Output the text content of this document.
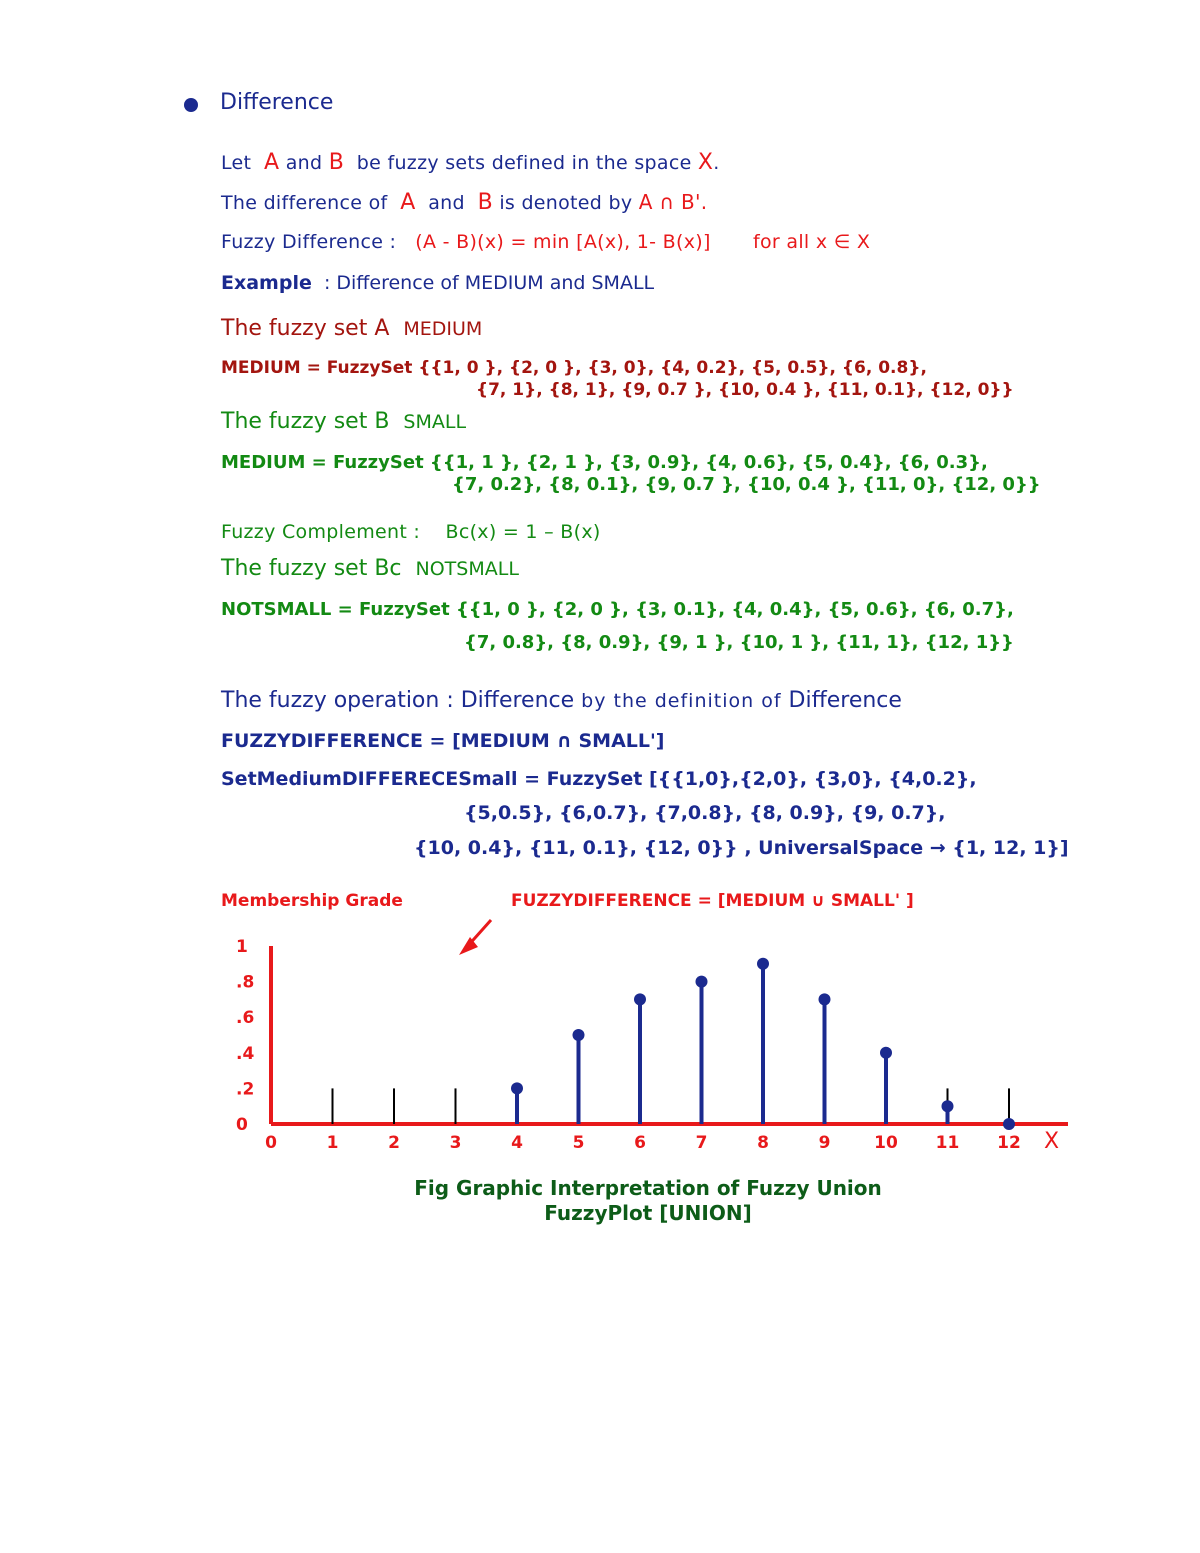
Difference
Let A and B be fuzzy sets defined in the space X.
The difference of A and B is denoted by A ∩ B'.
Fuzzy Difference : (A - B)(x) = min [A(x), 1- B(x)] for all x ∈ X
Example : Difference of MEDIUM and SMALL
The fuzzy set A MEDIUM
MEDIUM = FuzzySet {{1, 0 }, {2, 0 }, {3, 0}, {4, 0.2}, {5, 0.5}, {6, 0.8},
{7, 1}, {8, 1}, {9, 0.7 }, {10, 0.4 }, {11, 0.1}, {12, 0}}
The fuzzy set B SMALL
MEDIUM = FuzzySet {{1, 1 }, {2, 1 }, {3, 0.9}, {4, 0.6}, {5, 0.4}, {6, 0.3},
{7, 0.2}, {8, 0.1}, {9, 0.7 }, {10, 0.4 }, {11, 0}, {12, 0}}
Fuzzy Complement : Bc(x) = 1 – B(x)
The fuzzy set Bc NOTSMALL
NOTSMALL = FuzzySet {{1, 0 }, {2, 0 }, {3, 0.1}, {4, 0.4}, {5, 0.6}, {6, 0.7},
{7, 0.8}, {8, 0.9}, {9, 1 }, {10, 1 }, {11, 1}, {12, 1}}
The fuzzy operation : Difference by the definition of Difference
FUZZYDIFFERENCE = [MEDIUM ∩ SMALL']
SetMediumDIFFERECESmall = FuzzySet [{{1,0},{2,0}, {3,0}, {4,0.2},
{5,0.5}, {6,0.7}, {7,0.8}, {8, 0.9}, {9, 0.7},
{10, 0.4}, {11, 0.1}, {12, 0}} , UniversalSpace → {1, 12, 1}]
Membership Grade	FUZZYDIFFERENCE = [MEDIUM ∪ SMALL' ]
0
.2
.4
.6
.8
1
0	1	2	3	4	5	6	7	8	9	10 11 12 X
Fig Graphic Interpretation of Fuzzy Union
FuzzyPlot [UNION]
